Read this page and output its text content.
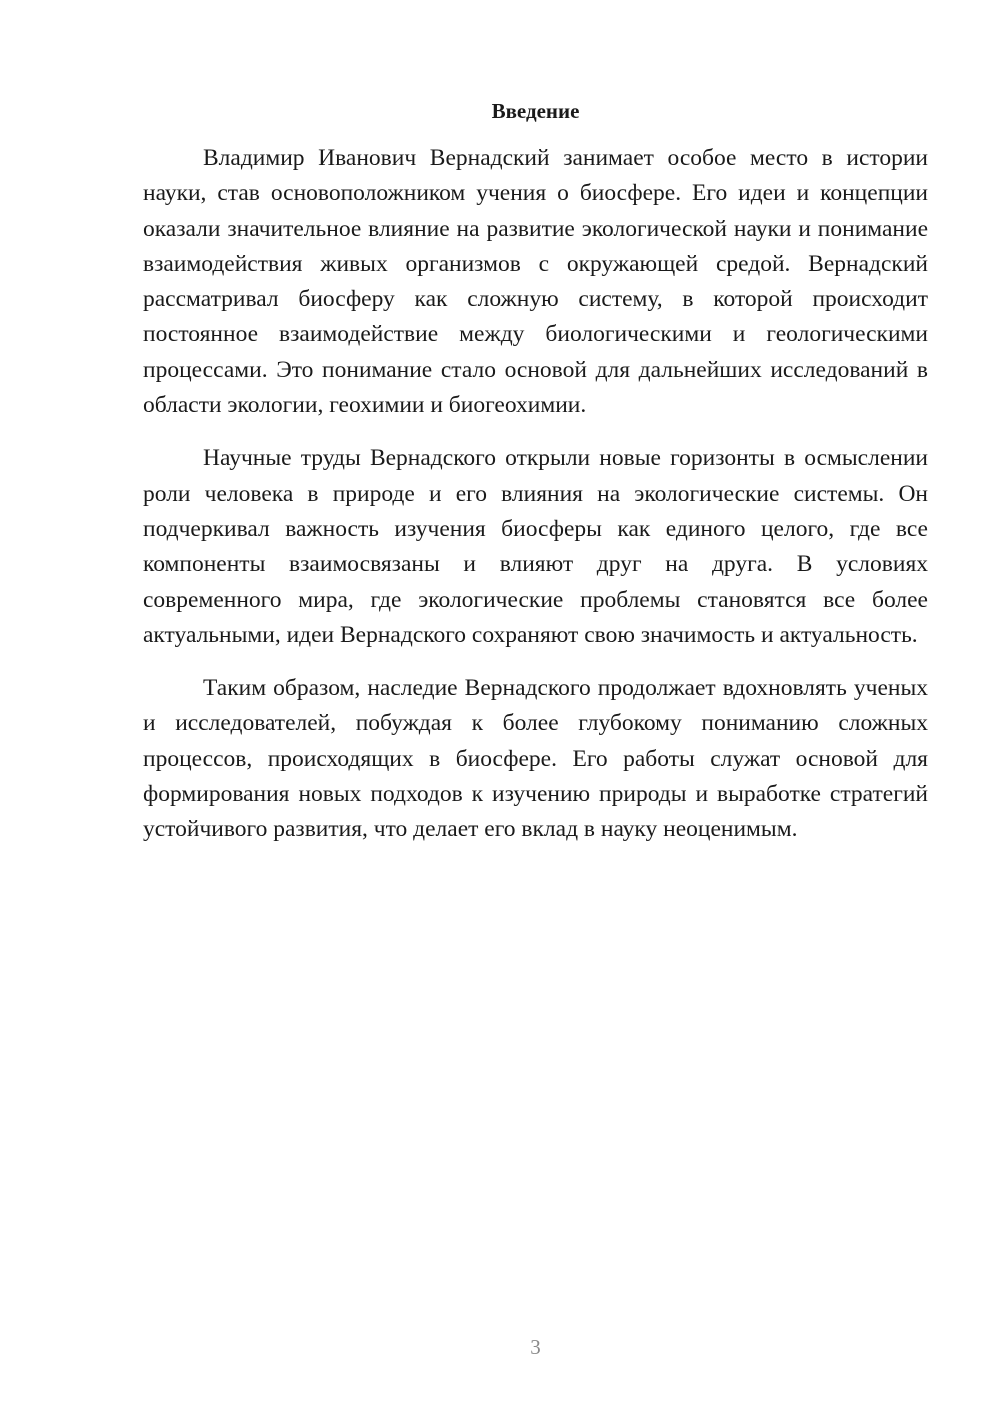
Введение

Владимир Иванович Вернадский занимает особое место в истории науки, став основоположником учения о биосфере. Его идеи и концепции оказали значительное влияние на развитие экологической науки и понимание взаимодействия живых организмов с окружающей средой. Вернадский рассматривал биосферу как сложную систему, в которой происходит постоянное взаимодействие между биологическими и геологическими процессами. Это понимание стало основой для дальнейших исследований в области экологии, геохимии и биогеохимии.

Научные труды Вернадского открыли новые горизонты в осмыслении роли человека в природе и его влияния на экологические системы. Он подчеркивал важность изучения биосферы как единого целого, где все компоненты взаимосвязаны и влияют друг на друга. В условиях современного мира, где экологические проблемы становятся все более актуальными, идеи Вернадского сохраняют свою значимость и актуальность.

Таким образом, наследие Вернадского продолжает вдохновлять ученых и исследователей, побуждая к более глубокому пониманию сложных процессов, происходящих в биосфере. Его работы служат основой для формирования новых подходов к изучению природы и выработке стратегий устойчивого развития, что делает его вклад в науку неоценимым.

3
